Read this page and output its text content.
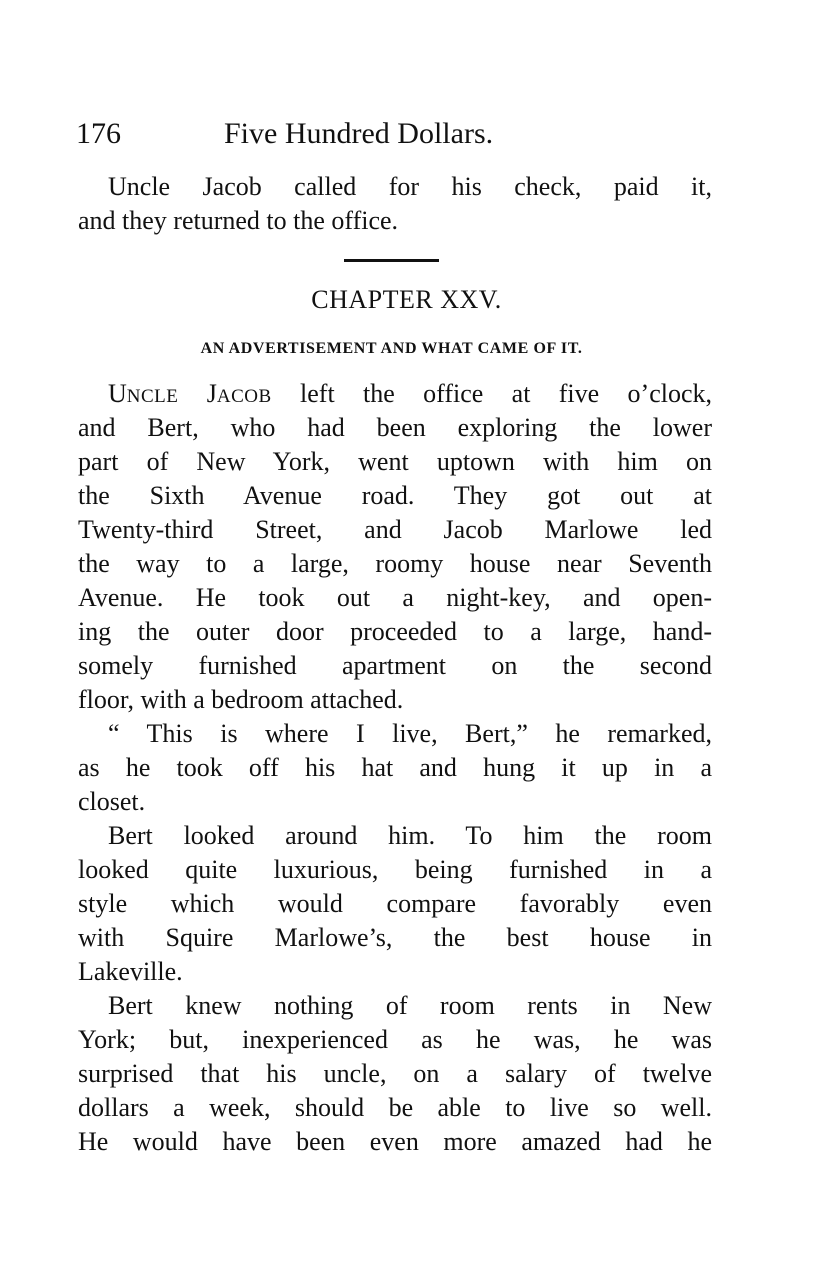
176	Five Hundred Dollars.
Uncle Jacob called for his check, paid it,
and they returned to the office.
CHAPTER XXV.
AN ADVERTISEMENT AND WHAT CAME OF IT.
UNCLE JACOB left the office at five o’clock,
and Bert, who had been exploring the lower
part of New York, went uptown with him on
the Sixth Avenue road. They got out at
Twenty-third Street, and Jacob Marlowe led
the way to a large, roomy house near Seventh
Avenue. He took out a night-key, and open-
ing the outer door proceeded to a large, hand-
somely furnished apartment on the second
floor, with a bedroom attached.
“ This is where I live, Bert,” he remarked,
as he took off his hat and hung it up in a
closet.
Bert looked around him. To him the room
looked quite luxurious, being furnished in a
style which would compare favorably even
with Squire Marlowe’s, the best house in
Lakeville.
Bert knew nothing of room rents in New
York; but, inexperienced as he was, he was
surprised that his uncle, on a salary of twelve
dollars a week, should be able to live so well.
He would have been even more amazed had he
